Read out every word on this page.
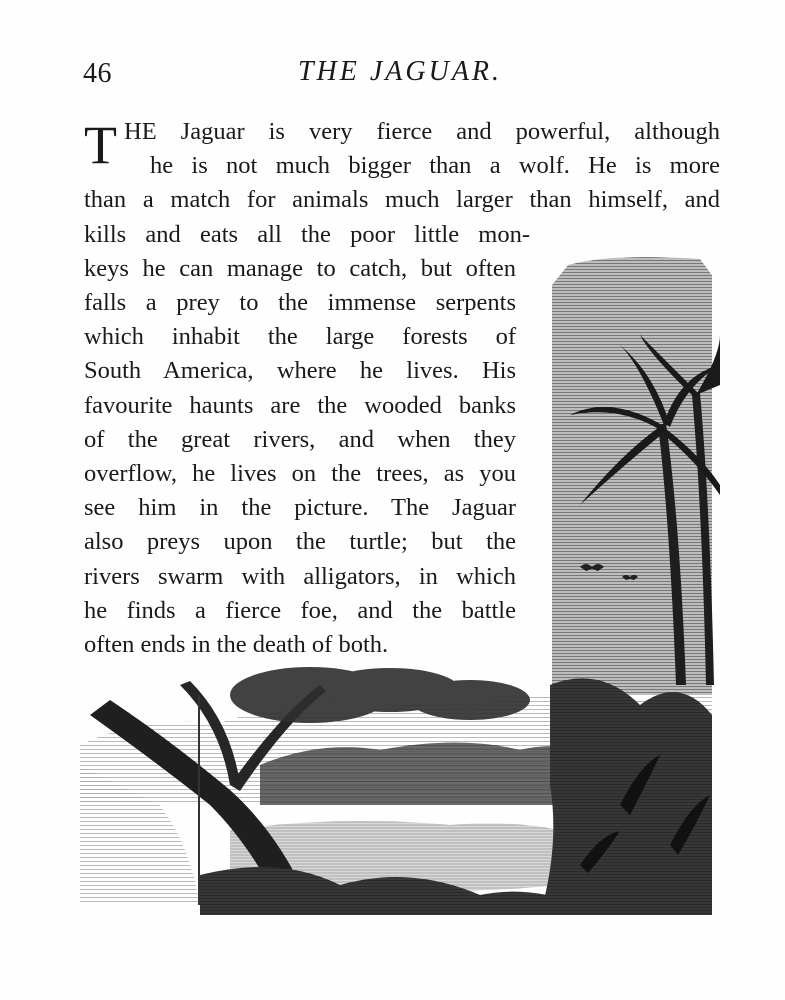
46	THE JAGUAR.
T HE Jaguar is very fierce and powerful, although
he is not much bigger than a wolf. He is more
than a match for animals much larger than himself, and
kills and eats all the poor little mon-
keys he can manage to catch, but often
falls a prey to the immense serpents
which inhabit the large forests of
South America, where he lives. His
favourite haunts are the wooded banks
of the great rivers, and when they
overflow, he lives on the trees, as you
see him in the picture. The Jaguar
also preys upon the turtle; but the
rivers swarm with alligators, in which
he finds a fierce foe, and the battle
often ends in the death of both.
